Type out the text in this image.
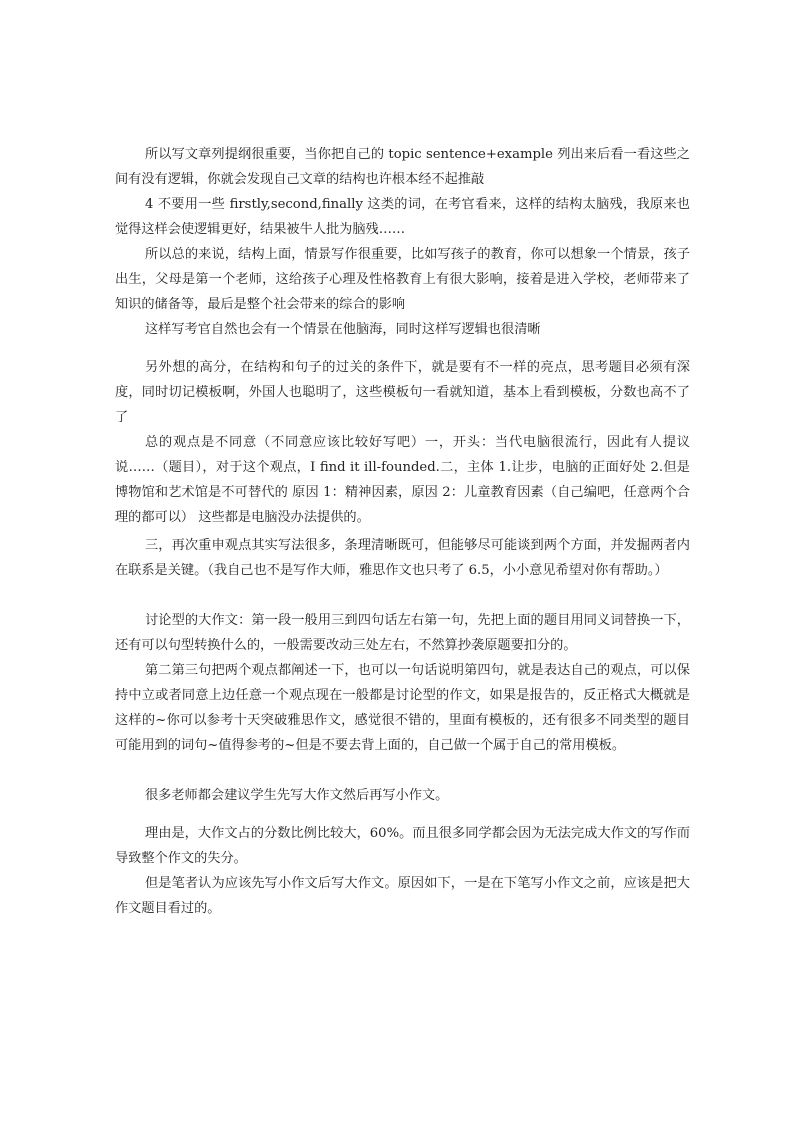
所以写文章列提纲很重要，当你把自己的 topic sentence+example 列出来后看一看这些之间有没有逻辑，你就会发现自己文章的结构也许根本经不起推敲

4 不要用一些 firstly,second,finally 这类的词，在考官看来，这样的结构太脑残，我原来也觉得这样会使逻辑更好，结果被牛人批为脑残……

所以总的来说，结构上面，情景写作很重要，比如写孩子的教育，你可以想象一个情景，孩子出生，父母是第一个老师，这给孩子心理及性格教育上有很大影响，接着是进入学校，老师带来了知识的储备等，最后是整个社会带来的综合的影响

这样写考官自然也会有一个情景在他脑海，同时这样写逻辑也很清晰

另外想的高分，在结构和句子的过关的条件下，就是要有不一样的亮点，思考题目必须有深度，同时切记模板啊，外国人也聪明了，这些模板句一看就知道，基本上看到模板，分数也高不了了

总的观点是不同意（不同意应该比较好写吧）一，开头：当代电脑很流行，因此有人提议说……（题目），对于这个观点，I find it ill-founded.二，主体 1.让步，电脑的正面好处 2.但是博物馆和艺术馆是不可替代的 原因 1：精神因素，原因 2：儿童教育因素（自己编吧，任意两个合理的都可以） 这些都是电脑没办法提供的。

三，再次重申观点其实写法很多，条理清晰既可，但能够尽可能谈到两个方面，并发掘两者内在联系是关键。（我自己也不是写作大师，雅思作文也只考了 6.5，小小意见希望对你有帮助。）

讨论型的大作文：第一段一般用三到四句话左右第一句，先把上面的题目用同义词替换一下，还有可以句型转换什么的，一般需要改动三处左右，不然算抄袭原题要扣分的。

第二第三句把两个观点都阐述一下，也可以一句话说明第四句，就是表达自己的观点，可以保持中立或者同意上边任意一个观点现在一般都是讨论型的作文，如果是报告的，反正格式大概就是这样的~你可以参考十天突破雅思作文，感觉很不错的，里面有模板的，还有很多不同类型的题目可能用到的词句~值得参考的~但是不要去背上面的，自己做一个属于自己的常用模板。

很多老师都会建议学生先写大作文然后再写小作文。

理由是，大作文占的分数比例比较大，60%。而且很多同学都会因为无法完成大作文的写作而导致整个作文的失分。

但是笔者认为应该先写小作文后写大作文。原因如下，一是在下笔写小作文之前，应该是把大作文题目看过的。
